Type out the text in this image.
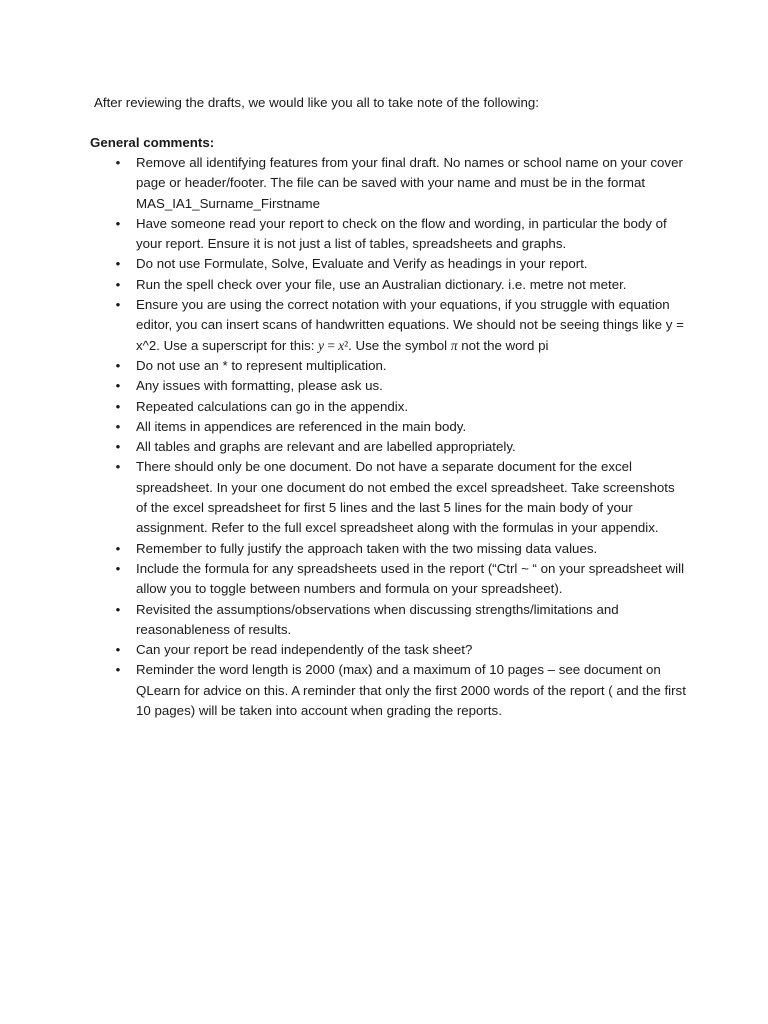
After reviewing the drafts, we would like you all to take note of the following:
General comments:
•
Remove all identifying features from your final draft. No names or school name on your cover page or header/footer. The file can be saved with your name and must be in the format MAS_IA1_Surname_Firstname
•
Have someone read your report to check on the flow and wording, in particular the body of your report. Ensure it is not just a list of tables, spreadsheets and graphs.
•
Do not use Formulate, Solve, Evaluate and Verify as headings in your report.
•
Run the spell check over your file, use an Australian dictionary. i.e. metre not meter.
•
Ensure you are using the correct notation with your equations, if you struggle with equation editor, you can insert scans of handwritten equations. We should not be seeing things like y = x^2. Use a superscript for this: y = x². Use the symbol π not the word pi
•
Do not use an * to represent multiplication.
•
Any issues with formatting, please ask us.
•
Repeated calculations can go in the appendix.
•
All items in appendices are referenced in the main body.
•
All tables and graphs are relevant and are labelled appropriately.
•
There should only be one document. Do not have a separate document for the excel spreadsheet. In your one document do not embed the excel spreadsheet. Take screenshots of the excel spreadsheet for first 5 lines and the last 5 lines for the main body of your assignment. Refer to the full excel spreadsheet along with the formulas in your appendix.
•
Remember to fully justify the approach taken with the two missing data values.
•
Include the formula for any spreadsheets used in the report (“Ctrl ~ “ on your spreadsheet will allow you to toggle between numbers and formula on your spreadsheet).
•
Revisited the assumptions/observations when discussing strengths/limitations and reasonableness of results.
•
Can your report be read independently of the task sheet?
•
Reminder the word length is 2000 (max) and a maximum of 10 pages – see document on QLearn for advice on this. A reminder that only the first 2000 words of the report ( and the first 10 pages) will be taken into account when grading the reports.
